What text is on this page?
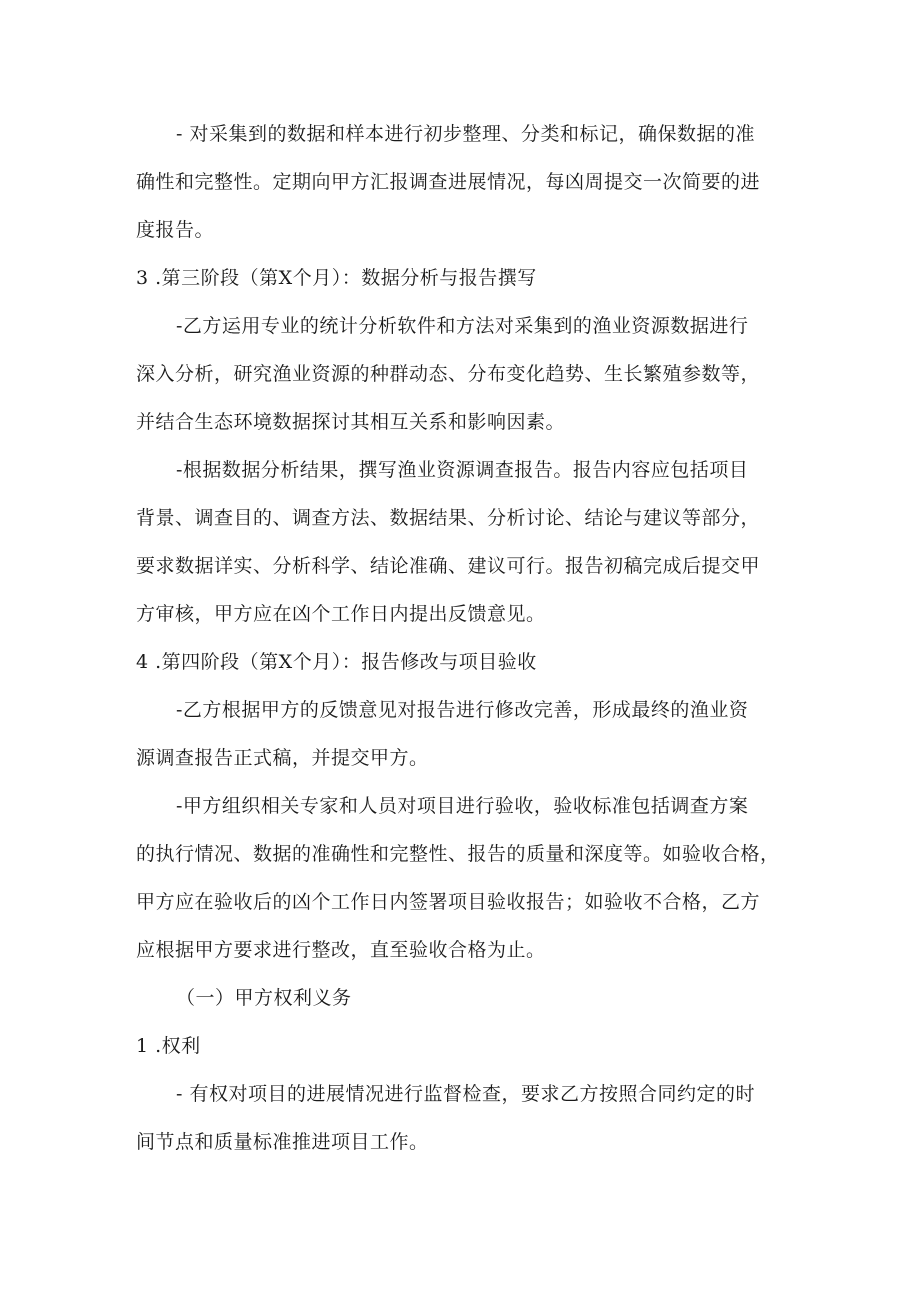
- 对采集到的数据和样本进行初步整理、分类和标记，确保数据的准
确性和完整性。定期向甲方汇报调查进展情况，每凶周提交一次简要的进
度报告。
3 .第三阶段（第X个月）：数据分析与报告撰写
-乙方运用专业的统计分析软件和方法对采集到的渔业资源数据进行
深入分析，研究渔业资源的种群动态、分布变化趋势、生长繁殖参数等，
并结合生态环境数据探讨其相互关系和影响因素。
-根据数据分析结果，撰写渔业资源调查报告。报告内容应包括项目
背景、调查目的、调查方法、数据结果、分析讨论、结论与建议等部分，
要求数据详实、分析科学、结论准确、建议可行。报告初稿完成后提交甲
方审核，甲方应在凶个工作日内提出反馈意见。
4 .第四阶段（第X个月）：报告修改与项目验收
-乙方根据甲方的反馈意见对报告进行修改完善，形成最终的渔业资
源调查报告正式稿，并提交甲方。
-甲方组织相关专家和人员对项目进行验收，验收标准包括调查方案
的执行情况、数据的准确性和完整性、报告的质量和深度等。如验收合格，
甲方应在验收后的凶个工作日内签署项目验收报告；如验收不合格，乙方
应根据甲方要求进行整改，直至验收合格为止。
（一）甲方权利义务
1 .权利
- 有权对项目的进展情况进行监督检查，要求乙方按照合同约定的时
间节点和质量标准推进项目工作。
